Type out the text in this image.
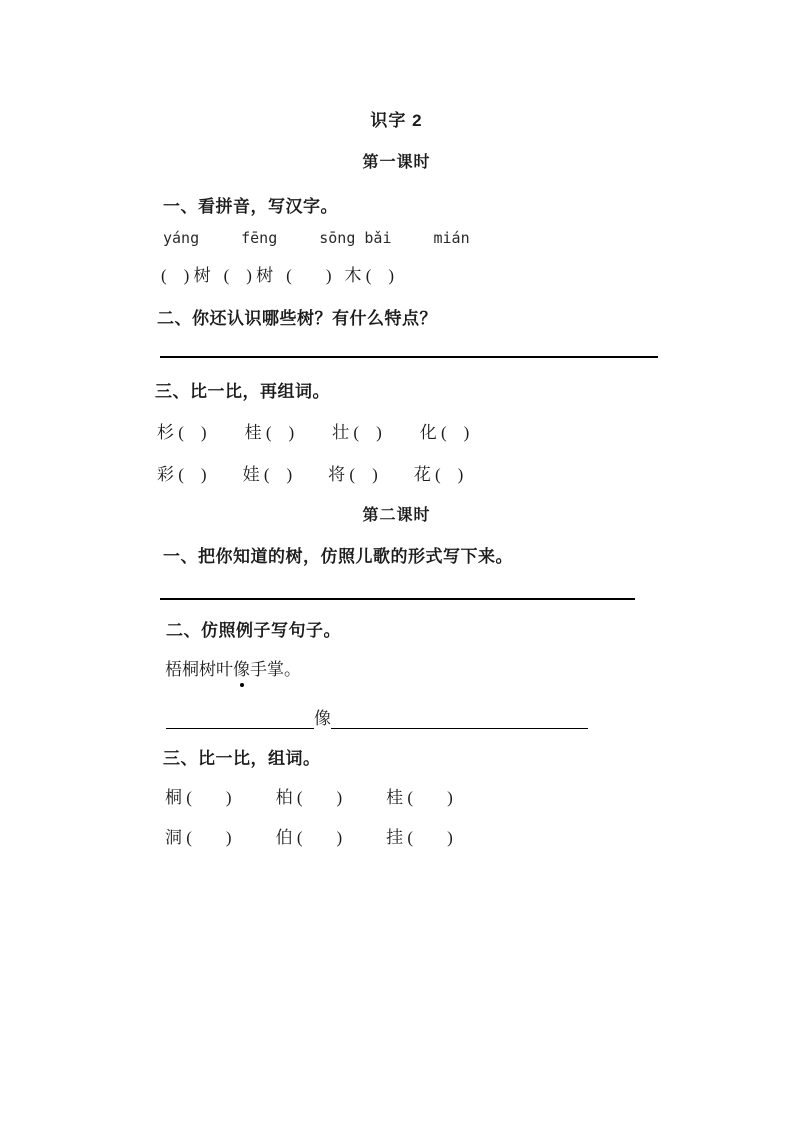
识字 2
第一课时
一、看拼音，写汉字。
yáng	fēng	sōng bǎi	mián
(　) 树 (　) 树 (　　) 木 (　)
二、你还认识哪些树？有什么特点？
三、比一比，再组词。
杉 (　) 桂 (　) 壮 (　) 化 (　)
彩 (　) 娃 (　) 将 (　) 花 (　)
第二课时
一、把你知道的树，仿照儿歌的形式写下来。
二、仿照例子写句子。
梧桐树叶像手掌。
像
三、比一比，组词。
桐 (　　)	柏 (　　)	桂 (　　)
洞 (　　)	伯 (　　)	挂 (　　)
